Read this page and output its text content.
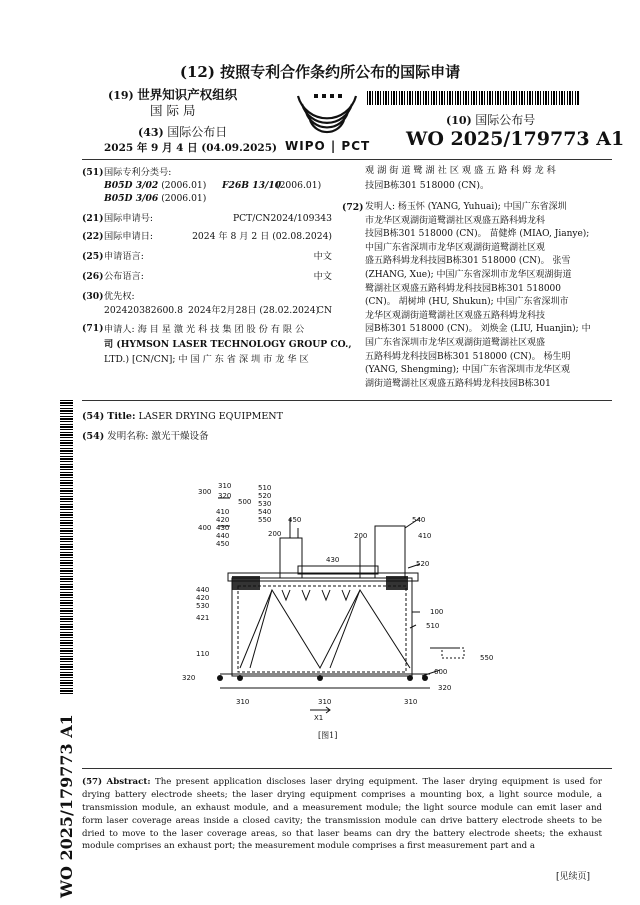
(12) 按照专利合作条约所公布的国际申请
(19) 世界知识产权组织
国 际 局
WIPO | PCT
(43) 国际公布日
2025 年 9 月 4 日 (04.09.2025)
(10) 国际公布号
WO 2025/179773 A1
(51) 国际专利分类号:
B05D 3/02 (2006.01) F26B 13/10
(2006.01)
B05D 3/06 (2006.01)
(21) 国际申请号:	PCT/CN2024/109343
(22) 国际申请日:	2024 年 8 月 2 日 (02.08.2024)
(25) 申请语言:	中文
(26) 公布语言:	中文
(30) 优先权:
202420382600.8 2024年2月28日 (28.02.2024)
CN
(71) 申请人: 海 目 星 激 光 科 技 集 团 股 份 有 限 公
司 (HYMSON LASER TECHNOLOGY GROUP CO.,
LTD.) [CN/CN]; 中 国 广 东 省 深 圳 市 龙 华 区
观 湖 街 道 鹭 湖 社 区 观 盛 五 路 科 姆 龙 科
技园B栋301 518000 (CN)。
(72) 发明人: 杨玉怀 (YANG, Yuhuai); 中国广东省深圳
市龙华区观湖街道鹭湖社区观盛五路科姆龙科
技园B栋301 518000 (CN)。 苗健烨 (MIAO, Jianye);
中国广东省深圳市龙华区观湖街道鹭湖社区观
盛五路科姆龙科技园B栋301 518000 (CN)。 张雪
(ZHANG, Xue); 中国广东省深圳市龙华区观湖街道
鹭湖社区观盛五路科姆龙科技园B栋301 518000
(CN)。 胡树坤 (HU, Shukun); 中国广东省深圳市
龙华区观湖街道鹭湖社区观盛五路科姆龙科技
园B栋301 518000 (CN)。 刘焕金 (LIU, Huanjin); 中
国广东省深圳市龙华区观湖街道鹭湖社区观盛
五路科姆龙科技园B栋301 518000 (CN)。 杨生明
(YANG, Shengming); 中国广东省深圳市龙华区观
湖街道鹭湖社区观盛五路科姆龙科技园B栋301
WO 2025/179773 A1
(54) Title: LASER DRYING EQUIPMENT
(54) 发明名称: 激光干燥设备
300
310
320
500
510
520
530
540
550
400
410
420
430
440
450
450
200	200
430
540
410
520
440
420
530
421
100
510
110	550
600
320
320
310	310	310
X1
[图1]
(57) Abstract: The present application discloses laser drying equipment. The laser drying equipment is used for drying battery electrode sheets; the laser drying equipment comprises a mounting box, a light source module, a transmission module, an exhaust module, and a measurement module; the light source module can emit laser and form laser coverage areas inside a closed cavity; the transmission module can drive battery electrode sheets to be dried to move to the laser coverage areas, so that laser beams can dry the battery electrode sheets; the exhaust module comprises an exhaust port; the measurement module comprises a first measurement part and a
[见续页]
